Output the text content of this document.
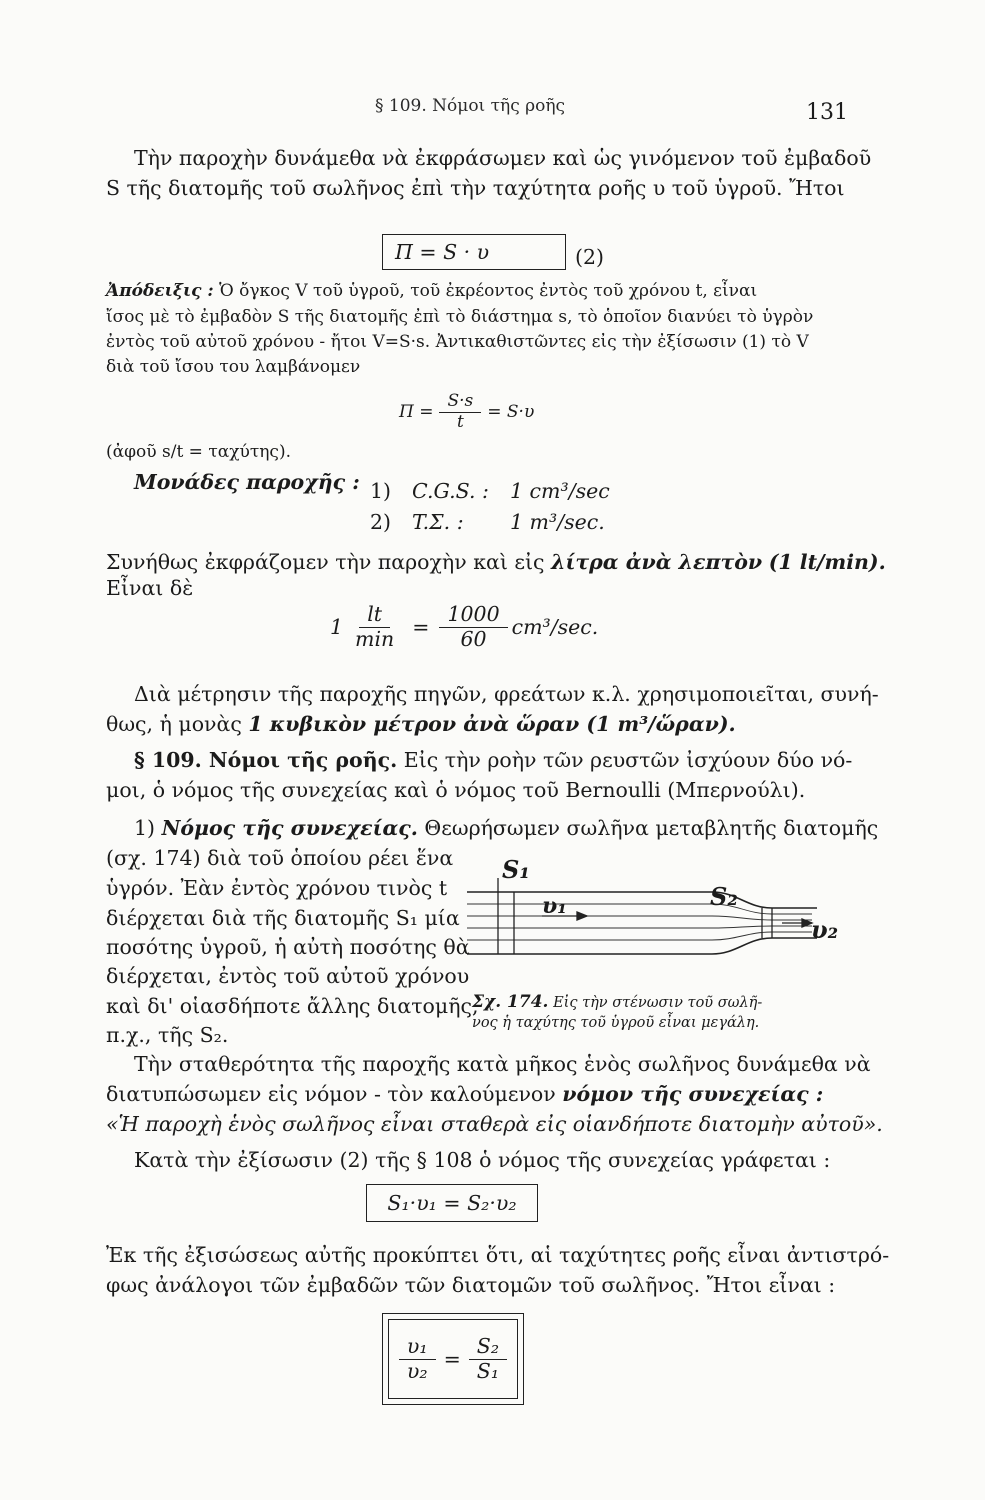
§ 109. Νόμοι τῆς ροῆς	131
Τὴν παροχὴν δυνάμεθα νὰ ἐκφράσωμεν καὶ ὡς γινόμενον τοῦ ἐμβαδοῦ
S τῆς διατομῆς τοῦ σωλῆνος ἐπὶ τὴν ταχύτητα ροῆς υ τοῦ ὑγροῦ. Ἤτοι
Π = S · υ	(2)
Ἀπόδειξις : Ὁ ὄγκος V τοῦ ὑγροῦ, τοῦ ἐκρέοντος ἐντὸς τοῦ χρόνου t, εἶναι
ἴσος μὲ τὸ ἐμβαδὸν S τῆς διατομῆς ἐπὶ τὸ διάστημα s, τὸ ὁποῖον διανύει τὸ ὑγρὸν
ἐντὸς τοῦ αὐτοῦ χρόνου - ἤτοι V=S·s. Ἀντικαθιστῶντες εἰς τὴν ἐξίσωσιν (1) τὸ V
διὰ τοῦ ἴσου του λαμβάνομεν
$\Pi = \frac{S\cdot s}{t} = S\cdot\upsilon$
(ἀφοῦ s/t = ταχύτης).
Μονάδες παροχῆς : 1) C.G.S. : 1 cm³/sec
2) T.Σ. : 1 m³/sec.
Συνήθως ἐκφράζομεν τὴν παροχὴν καὶ εἰς λίτρα ἀνὰ λεπτὸν (1 lt/min).
Εἶναι δὲ
$1 \frac{lt}{\min} = \frac{1000}{60} cm^3/\sec$.
Διὰ μέτρησιν τῆς παροχῆς πηγῶν, φρεάτων κ.λ. χρησιμοποιεῖται, συνή-
θως, ἡ μονὰς 1 κυβικὸν μέτρον ἀνὰ ὥραν (1 m³/ὥραν).
§ 109. Νόμοι τῆς ροῆς. Εἰς τὴν ροὴν τῶν ρευστῶν ἰσχύουν δύο νό-
μοι, ὁ νόμος τῆς συνεχείας καὶ ὁ νόμος τοῦ Bernoulli (Μπερνούλι).
1) Νόμος τῆς συνεχείας. Θεωρήσωμεν σωλῆνα μεταβλητῆς διατομῆς
(σχ. 174) διὰ τοῦ ὁποίου ρέει ἕνα
ὑγρόν. Ἐὰν ἐντὸς χρόνου τινὸς t
διέρχεται διὰ τῆς διατομῆς S₁ μία
ποσότης ὑγροῦ, ἡ αὐτὴ ποσότης θὰ
διέρχεται, ἐντὸς τοῦ αὐτοῦ χρόνου
καὶ δι' οἱασδήποτε ἄλλης διατομῆς,
π.χ., τῆς S₂.
S₁
S₂
υ₁
υ₂
Σχ. 174. Εἰς τὴν στένωσιν τοῦ σωλῆ-
νος ἡ ταχύτης τοῦ ὑγροῦ εἶναι μεγάλη.
Τὴν σταθερότητα τῆς παροχῆς κατὰ μῆκος ἑνὸς σωλῆνος δυνάμεθα νὰ
διατυπώσωμεν εἰς νόμον - τὸν καλούμενον νόμον τῆς συνεχείας :
«Ἡ παροχὴ ἑνὸς σωλῆνος εἶναι σταθερὰ εἰς οἱανδήποτε διατομὴν αὐτοῦ».
Κατὰ τὴν ἐξίσωσιν (2) τῆς § 108 ὁ νόμος τῆς συνεχείας γράφεται :
S₁·υ₁ = S₂·υ₂
Ἐκ τῆς ἐξισώσεως αὐτῆς προκύπτει ὅτι, αἱ ταχύτητες ροῆς εἶναι ἀντιστρό-
φως ἀνάλογοι τῶν ἐμβαδῶν τῶν διατομῶν τοῦ σωλῆνος. Ἤτοι εἶναι :
$\frac{\text{υ₁}}{\text{υ₂}} = \frac{\text{S₂}}{\text{S₁}}$
